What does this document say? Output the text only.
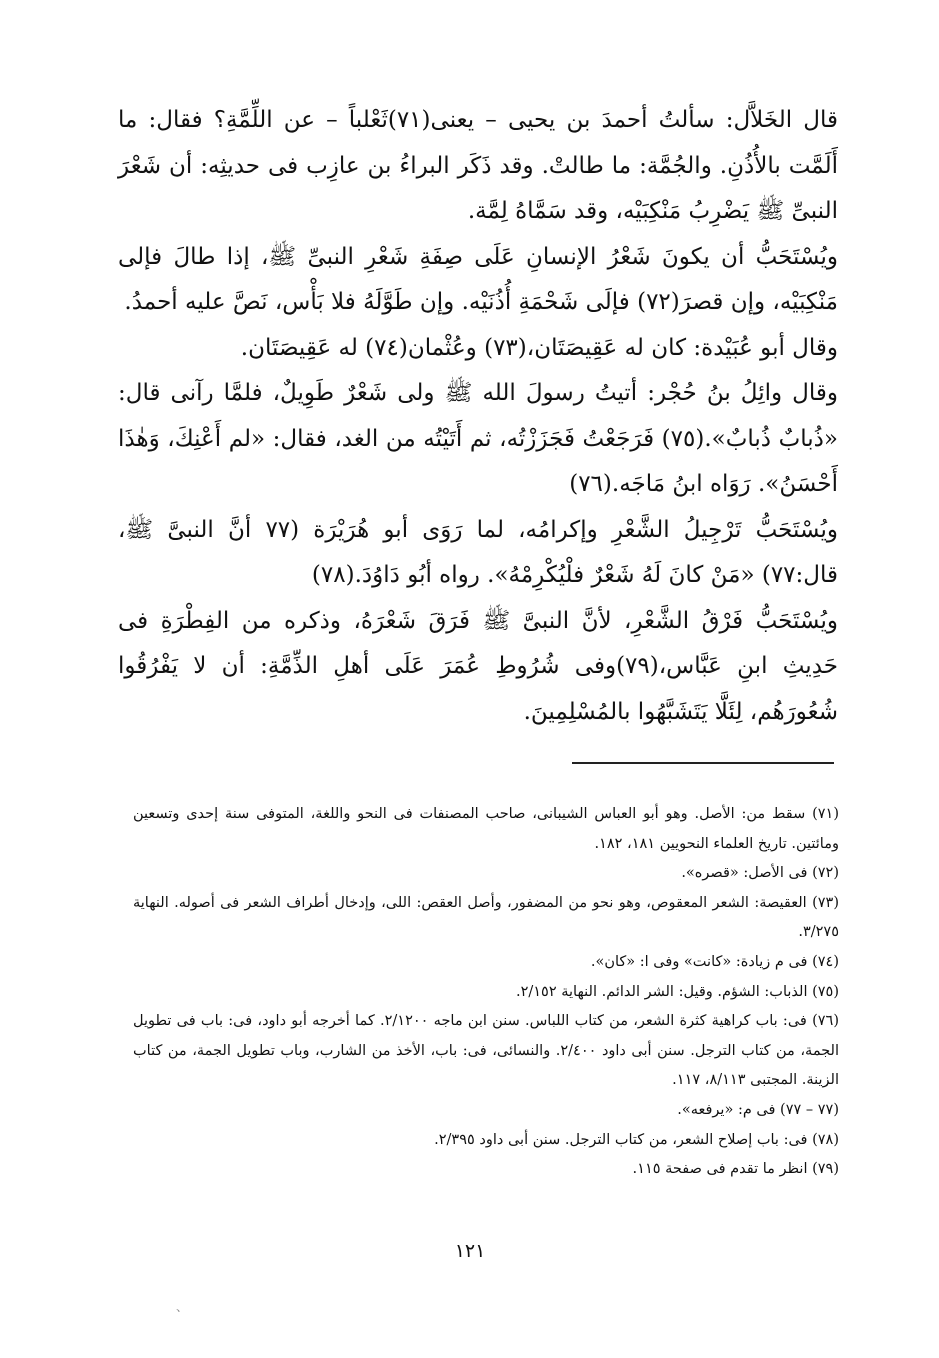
قال الخَلاَّل: سألتُ أحمدَ بن يحيى – يعنى(٧١)ثَعْلباً – عن اللِّمَّةِ؟ فقال: ما أَلَمَّت بالأُذُنِ. والجُمَّة: ما طالتْ. وقد ذَكَر البراءُ بن عازِب فى حديثِه: أن شَعْرَ النبىِّ ﷺ يَضْرِبُ مَنْكِبَيْه، وقد سَمَّاهُ لِمَّة.

ويُسْتَحَبُّ أن يكونَ شَعْرُ الإنسانِ عَلَى صِفَةِ شَعْرِ النبىِّ ﷺ، إذا طالَ فإلى مَنْكِبَيْه، وإن قصرَ(٧٢) فإلَى شَحْمَةِ أُذُنَيْه. وإن طَوَّلَهُ فلا بَأْس، نَصَّ عليه أحمدُ.

وقال أبو عُبَيْدة: كان له عَقِيصَتَان،(٧٣) وعُثْمان(٧٤) له عَقِيصَتَان.

وقال وائِلُ بنُ حُجْر: أتيتُ رسولَ الله ﷺ ولى شَعْرٌ طَوِيلٌ، فلمَّا رآنى قال: «ذُبابٌ ذُبابٌ».(٧٥) فَرَجَعْتُ فَجَزَزْتُه، ثم أَتَيْتُه من الغد، فقال: «لم أَعْنِكَ، وَهٰذَا أَحْسَنُ». رَوَاه ابنُ مَاجَه.(٧٦)

ويُسْتَحَبُّ تَرْجِيلُ الشَّعْرِ وإكرامُه، لما رَوَى أبو هُرَيْرَة (٧٧ أنَّ النبىَّ ﷺ، قال:٧٧) «مَنْ كانَ لَهُ شَعْرٌ فلْيُكْرِمْهُ». رواه أبُو دَاوُدَ.(٧٨)

ويُسْتَحَبُّ فَرْقُ الشَّعْرِ، لأنَّ النبىَّ ﷺ فَرَقَ شَعْرَهُ، وذكره من الفِطْرَةِ فى حَدِيثِ ابنِ عَبَّاس،(٧٩)وفى شُرُوطِ عُمَرَ عَلَى أهلِ الذِّمَّةِ: أن لا يَفْرُقُوا شُعُورَهُم، لِئَلَّا يَتَشَبَّهُوا بالمُسْلِمِينَ.

(٧١) سقط من: الأصل. وهو أبو العباس الشيبانى، صاحب المصنفات فى النحو واللغة، المتوفى سنة إحدى وتسعين ومائتين. تاريخ العلماء النحويين ١٨١، ١٨٢.

(٧٢) فى الأصل: «قصره».

(٧٣) العقيصة: الشعر المعقوص، وهو نحو من المضفور، وأصل العقص: اللى، وإدخال أطراف الشعر فى أصوله. النهاية ٣/٢٧٥.

(٧٤) فى م زيادة: «كانت» وفى ا: «كان».

(٧٥) الذباب: الشؤم. وقيل: الشر الدائم. النهاية ٢/١٥٢.

(٧٦) فى: باب كراهية كثرة الشعر، من كتاب اللباس. سنن ابن ماجه ٢/١٢٠٠. كما أخرجه أبو داود، فى: باب فى تطويل الجمة، من كتاب الترجل. سنن أبى داود ٢/٤٠٠. والنسائى، فى: باب، الأخذ من الشارب، وباب تطويل الجمة، من كتاب الزينة. المجتبى ٨/١١٣، ١١٧.

(٧٧ – ٧٧) فى م: «يرفعه».

(٧٨) فى: باب إصلاح الشعر، من كتاب الترجل. سنن أبى داود ٢/٣٩٥.

(٧٩) انظر ما تقدم فى صفحة ١١٥.

١٢١
、
